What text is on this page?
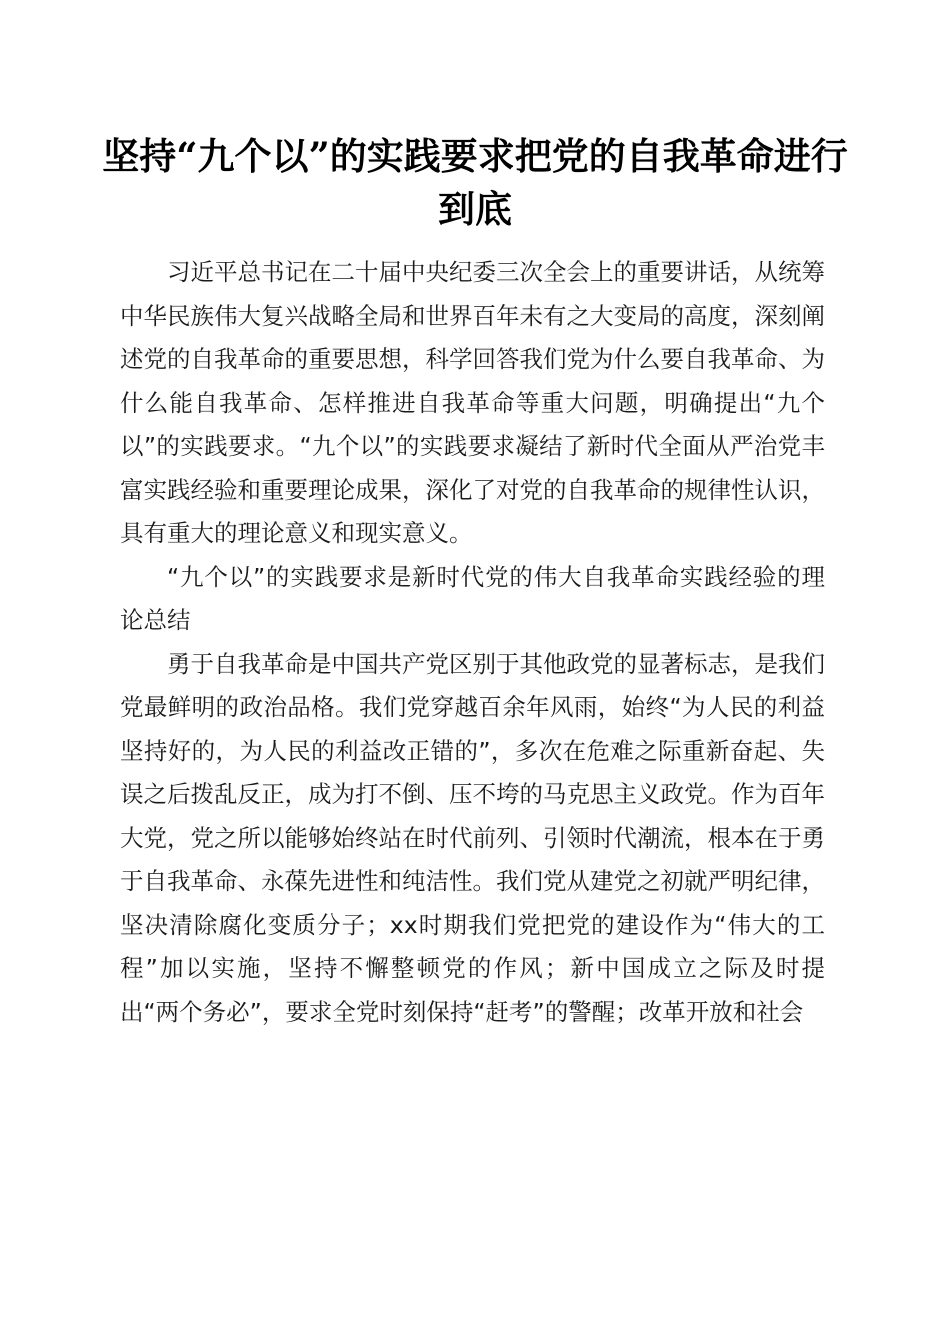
坚持“九个以”的实践要求把党的自我革命进行到底

习近平总书记在二十届中央纪委三次全会上的重要讲话，从统筹中华民族伟大复兴战略全局和世界百年未有之大变局的高度，深刻阐述党的自我革命的重要思想，科学回答我们党为什么要自我革命、为什么能自我革命、怎样推进自我革命等重大问题，明确提出“九个以”的实践要求。“九个以”的实践要求凝结了新时代全面从严治党丰富实践经验和重要理论成果，深化了对党的自我革命的规律性认识，具有重大的理论意义和现实意义。

“九个以”的实践要求是新时代党的伟大自我革命实践经验的理论总结

勇于自我革命是中国共产党区别于其他政党的显著标志，是我们党最鲜明的政治品格。我们党穿越百余年风雨，始终“为人民的利益坚持好的，为人民的利益改正错的”，多次在危难之际重新奋起、失误之后拨乱反正，成为打不倒、压不垮的马克思主义政党。作为百年大党，党之所以能够始终站在时代前列、引领时代潮流，根本在于勇于自我革命、永葆先进性和纯洁性。我们党从建党之初就严明纪律，坚决清除腐化变质分子；xx时期我们党把党的建设作为“伟大的工程”加以实施，坚持不懈整顿党的作风；新中国成立之际及时提出“两个务必”，要求全党时刻保持“赶考”的警醒；改革开放和社会
